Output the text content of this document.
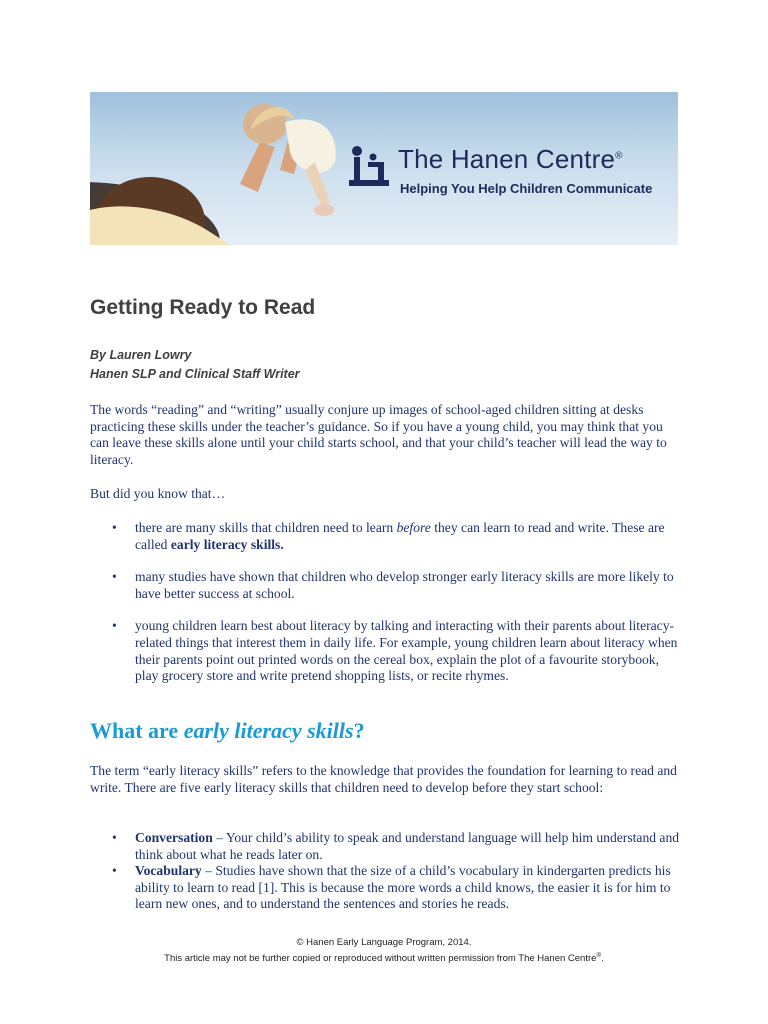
The Hanen Centre®
Helping You Help Children Communicate
Getting Ready to Read
By Lauren Lowry
Hanen SLP and Clinical Staff Writer

The words “reading” and “writing” usually conjure up images of school-aged children sitting at desks practicing these skills under the teacher’s guidance. So if you have a young child, you may think that you can leave these skills alone until your child starts school, and that your child’s teacher will lead the way to literacy.

But did you know that…

• there are many skills that children need to learn before they can learn to read and write. These are called early literacy skills.
• many studies have shown that children who develop stronger early literacy skills are more likely to have better success at school.
• young children learn best about literacy by talking and interacting with their parents about literacy-related things that interest them in daily life. For example, young children learn about literacy when their parents point out printed words on the cereal box, explain the plot of a favourite storybook, play grocery store and write pretend shopping lists, or recite rhymes.
What are early literacy skills?

The term “early literacy skills” refers to the knowledge that provides the foundation for learning to read and write. There are five early literacy skills that children need to develop before they start school:

• Conversation – Your child’s ability to speak and understand language will help him understand and think about what he reads later on.
• Vocabulary – Studies have shown that the size of a child’s vocabulary in kindergarten predicts his ability to learn to read [1]. This is because the more words a child knows, the easier it is for him to learn new ones, and to understand the sentences and stories he reads.
© Hanen Early Language Program, 2014.
This article may not be further copied or reproduced without written permission from The Hanen Centre®.
